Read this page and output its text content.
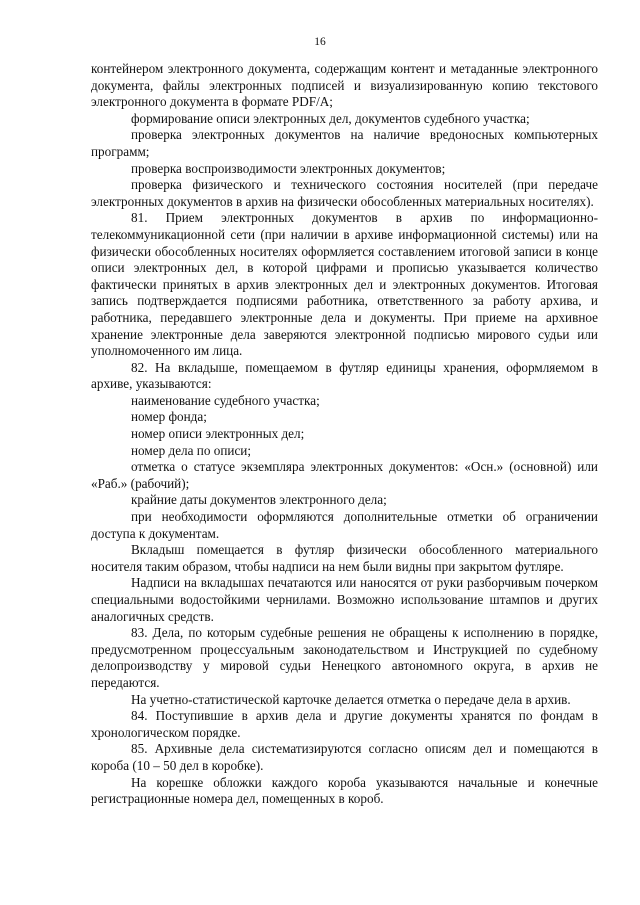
16

контейнером электронного документа, содержащим контент и метаданные электронного документа, файлы электронных подписей и визуализированную копию текстового электронного документа в формате PDF/A;

формирование описи электронных дел, документов судебного участка;

проверка электронных документов на наличие вредоносных компьютерных программ;

проверка воспроизводимости электронных документов;

проверка физического и технического состояния носителей (при передаче электронных документов в архив на физически обособленных материальных носителях).

81. Прием электронных документов в архив по информационно-телекоммуникационной сети (при наличии в архиве информационной системы) или на физически обособленных носителях оформляется составлением итоговой записи в конце описи электронных дел, в которой цифрами и прописью указывается количество фактически принятых в архив электронных дел и электронных документов. Итоговая запись подтверждается подписями работника, ответственного за работу архива, и работника, передавшего электронные дела и документы. При приеме на архивное хранение электронные дела заверяются электронной подписью мирового судьи или уполномоченного им лица.

82. На вкладыше, помещаемом в футляр единицы хранения, оформляемом в архиве, указываются:

наименование судебного участка;

номер фонда;

номер описи электронных дел;

номер дела по описи;

отметка о статусе экземпляра электронных документов: «Осн.» (основной) или «Раб.» (рабочий);

крайние даты документов электронного дела;

при необходимости оформляются дополнительные отметки об ограничении доступа к документам.

Вкладыш помещается в футляр физически обособленного материального носителя таким образом, чтобы надписи на нем были видны при закрытом футляре.

Надписи на вкладышах печатаются или наносятся от руки разборчивым почерком специальными водостойкими чернилами. Возможно использование штампов и других аналогичных средств.

83. Дела, по которым судебные решения не обращены к исполнению в порядке, предусмотренном процессуальным законодательством и Инструкцией по судебному делопроизводству у мировой судьи Ненецкого автономного округа, в архив не передаются.

На учетно-статистической карточке делается отметка о передаче дела в архив.

84. Поступившие в архив дела и другие документы хранятся по фондам в хронологическом порядке.

85. Архивные дела систематизируются согласно описям дел и помещаются в короба (10 – 50 дел в коробке).

На корешке обложки каждого короба указываются начальные и конечные регистрационные номера дел, помещенных в короб.
